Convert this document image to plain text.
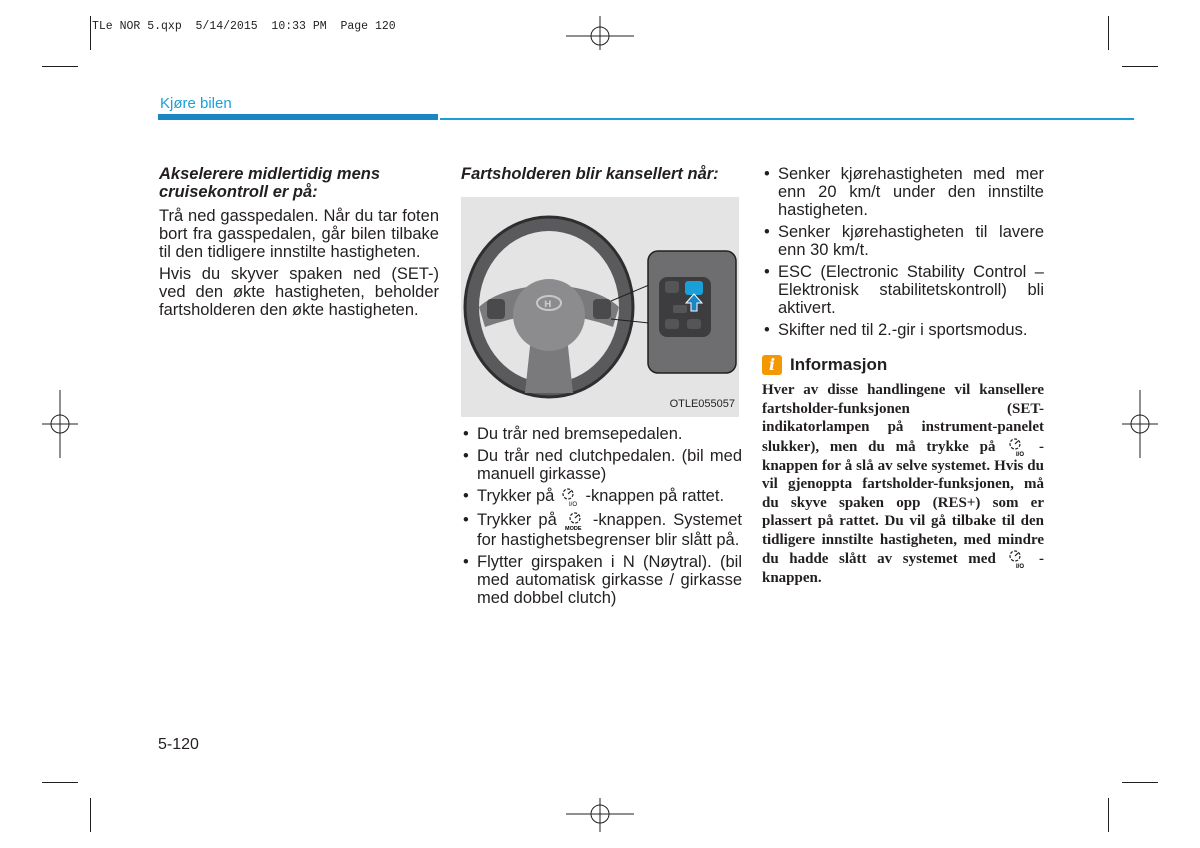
TLe NOR 5.qxp  5/14/2015  10:33 PM  Page 120
Kjøre bilen
Akselerere midlertidig mens cruisekontroll er på:

Trå ned gasspedalen. Når du tar foten bort fra gasspedalen, går bilen tilbake til den tidligere innstilte hastigheten.

Hvis du skyver spaken ned (SET-) ved den økte hastigheten, beholder fartsholderen den økte hastigheten.

Fartsholderen blir kansellert når:
H
OTLE055057
• Du trår ned bremsepedalen.
• Du trår ned clutchpedalen. (bil med manuell girkasse)
• Trykker på I/O -knappen på rattet.
• Trykker på MODE -knappen. Systemet for hastighetsbegrenser blir slått på.
• Flytter girspaken i N (Nøytral). (bil med automatisk girkasse / girkasse med dobbel clutch)
• Senker kjørehastigheten med mer enn 20 km/t under den innstilte hastigheten.
• Senker kjørehastigheten til lavere enn 30 km/t.
• ESC (Electronic Stability Control – Elektronisk stabilitetskontroll) bli aktivert.
• Skifter ned til 2.-gir i sportsmodus.
i Informasjon
Hver av disse handlingene vil kansellere fartsholder-funksjonen (SET-indikatorlampen på instrument-panelet slukker), men du må trykke på	I/O -knappen for å slå av selve systemet. Hvis du vil gjenoppta fartsholder-funksjonen, må du skyve spaken opp (RES+) som er plassert på rattet. Du vil gå tilbake til den tidligere innstilte hastigheten, med mindre du hadde slått av systemet med	I/O -knappen.
5-120
